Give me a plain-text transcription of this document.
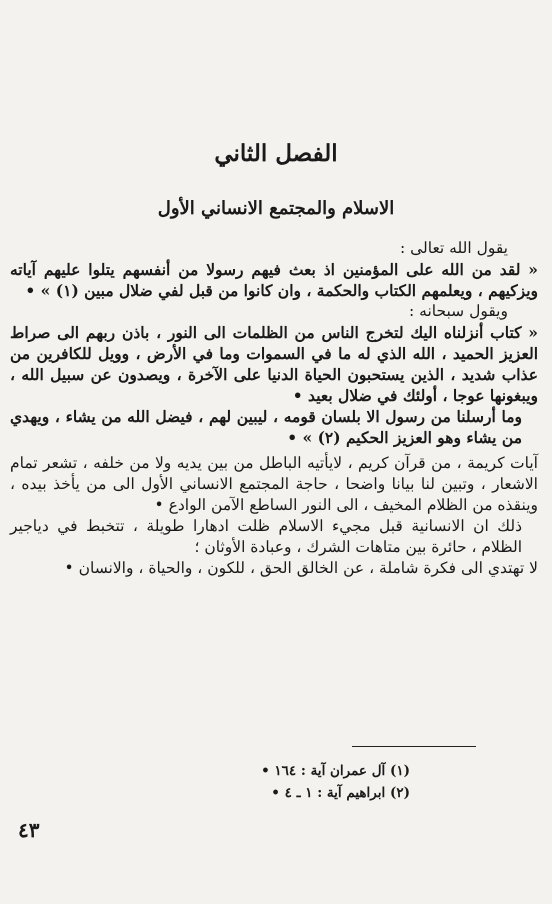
الفصل الثاني
الاسلام والمجتمع الانساني الأول

يقول الله تعالى :

« لقد من الله على المؤمنين اذ بعث فيهم رسولا من أنفسهم يتلوا عليهم آياته ويزكيهم ، ويعلمهم الكتاب والحكمة ، وان كانوا من قبل لفي ضلال مبين (١) » •

ويقول سبحانه :

« كتاب أنزلناه اليك لتخرج الناس من الظلمات الى النور ، باذن ربهم الى صراط العزيز الحميد ، الله الذي له ما في السموات وما في الأرض ، وويل للكافرين من عذاب شديد ، الذين يستحبون الحياة الدنيا على الآخرة ، ويصدون عن سبيل الله ، ويبغونها عوجا ، أولئك في ضلال بعيد •

وما أرسلنا من رسول الا بلسان قومه ، ليبين لهم ، فيضل الله من يشاء ، ويهدي من يشاء وهو العزيز الحكيم (٢) » •

آيات كريمة ، من قرآن كريم ، لايأتيه الباطل من بين يديه ولا من خلفه ، تشعر تمام الاشعار ، وتبين لنا بيانا واضحا ، حاجة المجتمع الانساني الأول الى من يأخذ بيده ، وينقذه من الظلام المخيف ، الى النور الساطع الآمن الوادع •

ذلك ان الانسانية قبل مجيء الاسلام ظلت ادهارا طويلة ، تتخبط في دياجير الظلام ، حائرة بين متاهات الشرك ، وعبادة الأوثان ؛

لا تهتدي الى فكرة شاملة ، عن الخالق الحق ، للكون ، والحياة ، والانسان •

(١) آل عمران آية : ١٦٤ •
(٢) ابراهيم آية : ١ ـ ٤ •
٤٣
